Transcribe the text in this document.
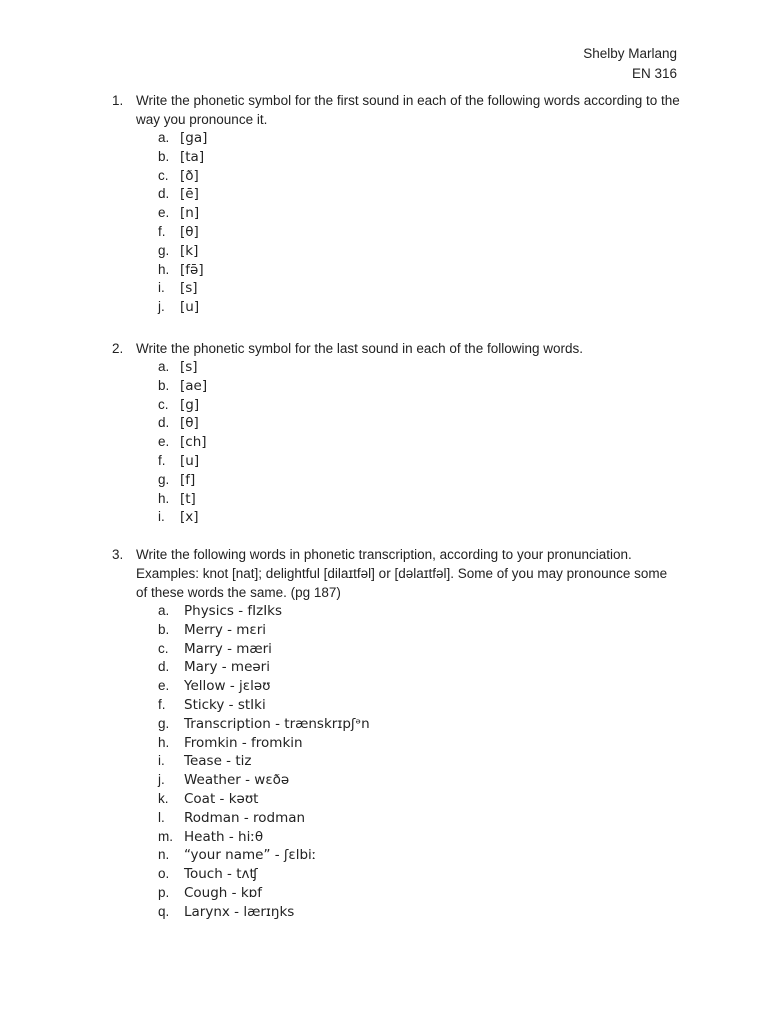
Shelby Marlang
EN 316
1. Write the phonetic symbol for the first sound in each of the following words according to the way you pronounce it.
a. [ga]
b. [ta]
c. [ð]
d. [ē]
e. [n]
f.	[θ]
g. [k]
h. [fə̄]
i.	[s]
j.	[u]
2. Write the phonetic symbol for the last sound in each of the following words.
a. [s]
b. [ae]
c. [g]
d. [θ]
e. [ch]
f.	[u]
g. [f]
h. [t]
i.	[x]
3. Write the following words in phonetic transcription, according to your pronunciation. Examples: knot [nat]; delightful [dilaɪtfəl] or [dəlaɪtfəl]. Some of you may pronounce some of these words the same. (pg 187)
a.	Physics - fIzIks
b.	Merry - mɛri
c.	Marry - mæri
d.	Mary - meəri
e.	Yellow - jɛləʊ
f.	Sticky - stIki
g.	Transcription - trænskrɪpʃᵊn
h.	Fromkin - fromkin
i.	Tease - tiz
j.	Weather - wɛðə
k.	Coat - kəʊt
l.	Rodman - rodman
m. Heath - hiːθ
n.	“your name” - ʃɛlbiː
o.	Touch - tʌʧ
p.	Cough - kɒf
q.	Larynx - lærɪŋks
